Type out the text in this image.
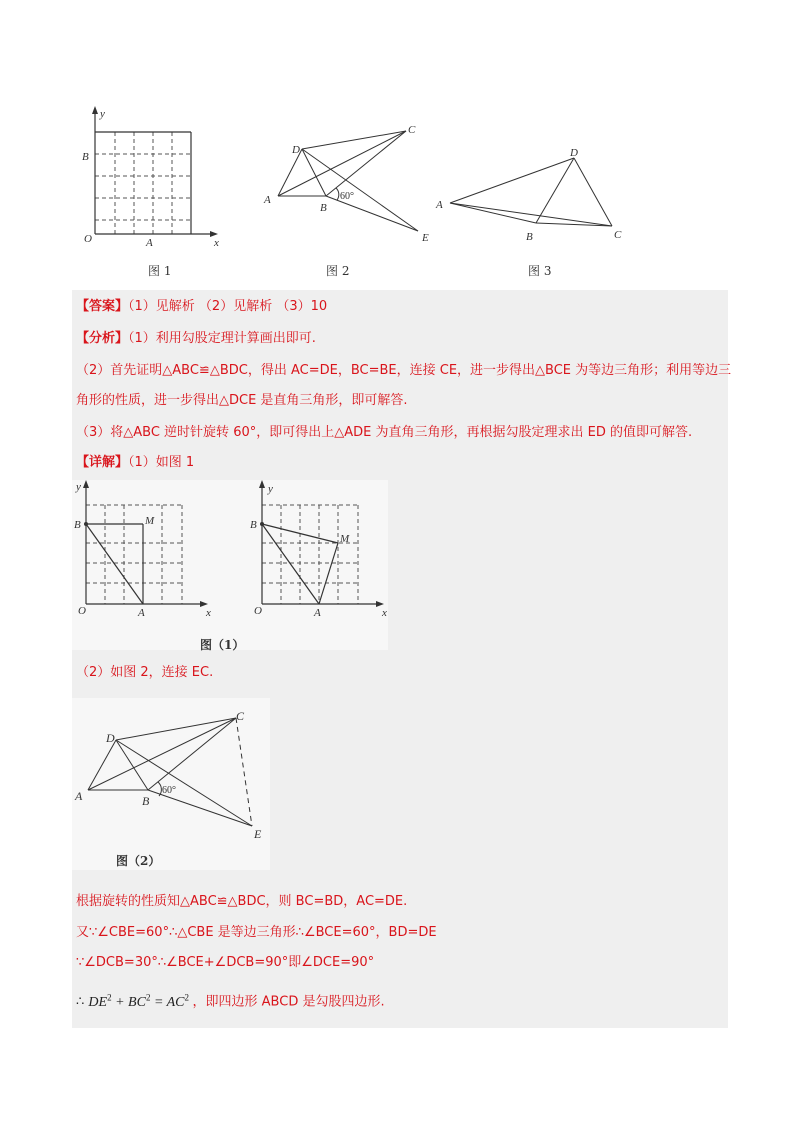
y
x
O	A
B
图 1
D
C
A
B
E
60°
图 2
A
D
B	C
图 3
【答案】（1）见解析 （2）见解析 （3）10
【分析】（1）利用勾股定理计算画出即可.
（2）首先证明△ABC≌△BDC，得出 AC=DE，BC=BE，连接 CE，进一步得出△BCE 为等边三角形；利用等边三
角形的性质，进一步得出△DCE 是直角三角形，即可解答.
（3）将△ABC 逆时针旋转 60°，即可得出上△ADE 为直角三角形，再根据勾股定理求出 ED 的值即可解答.
【详解】（1）如图 1
y
x
O	A
B	M
y
x
O	A
B
M
图（1）
（2）如图 2，连接 EC.
D
C
A	B
E
60°
图（2）
根据旋转的性质知△ABC≌△BDC，则 BC=BD，AC=DE.
又∵∠CBE=60°∴△CBE 是等边三角形∴∠BCE=60°，BD=DE
∵∠DCB=30°∴∠BCE+∠DCB=90°即∠DCE=90°
∴ $DE^2 + BC^2 = AC^2$ ，即四边形 ABCD 是勾股四边形.
